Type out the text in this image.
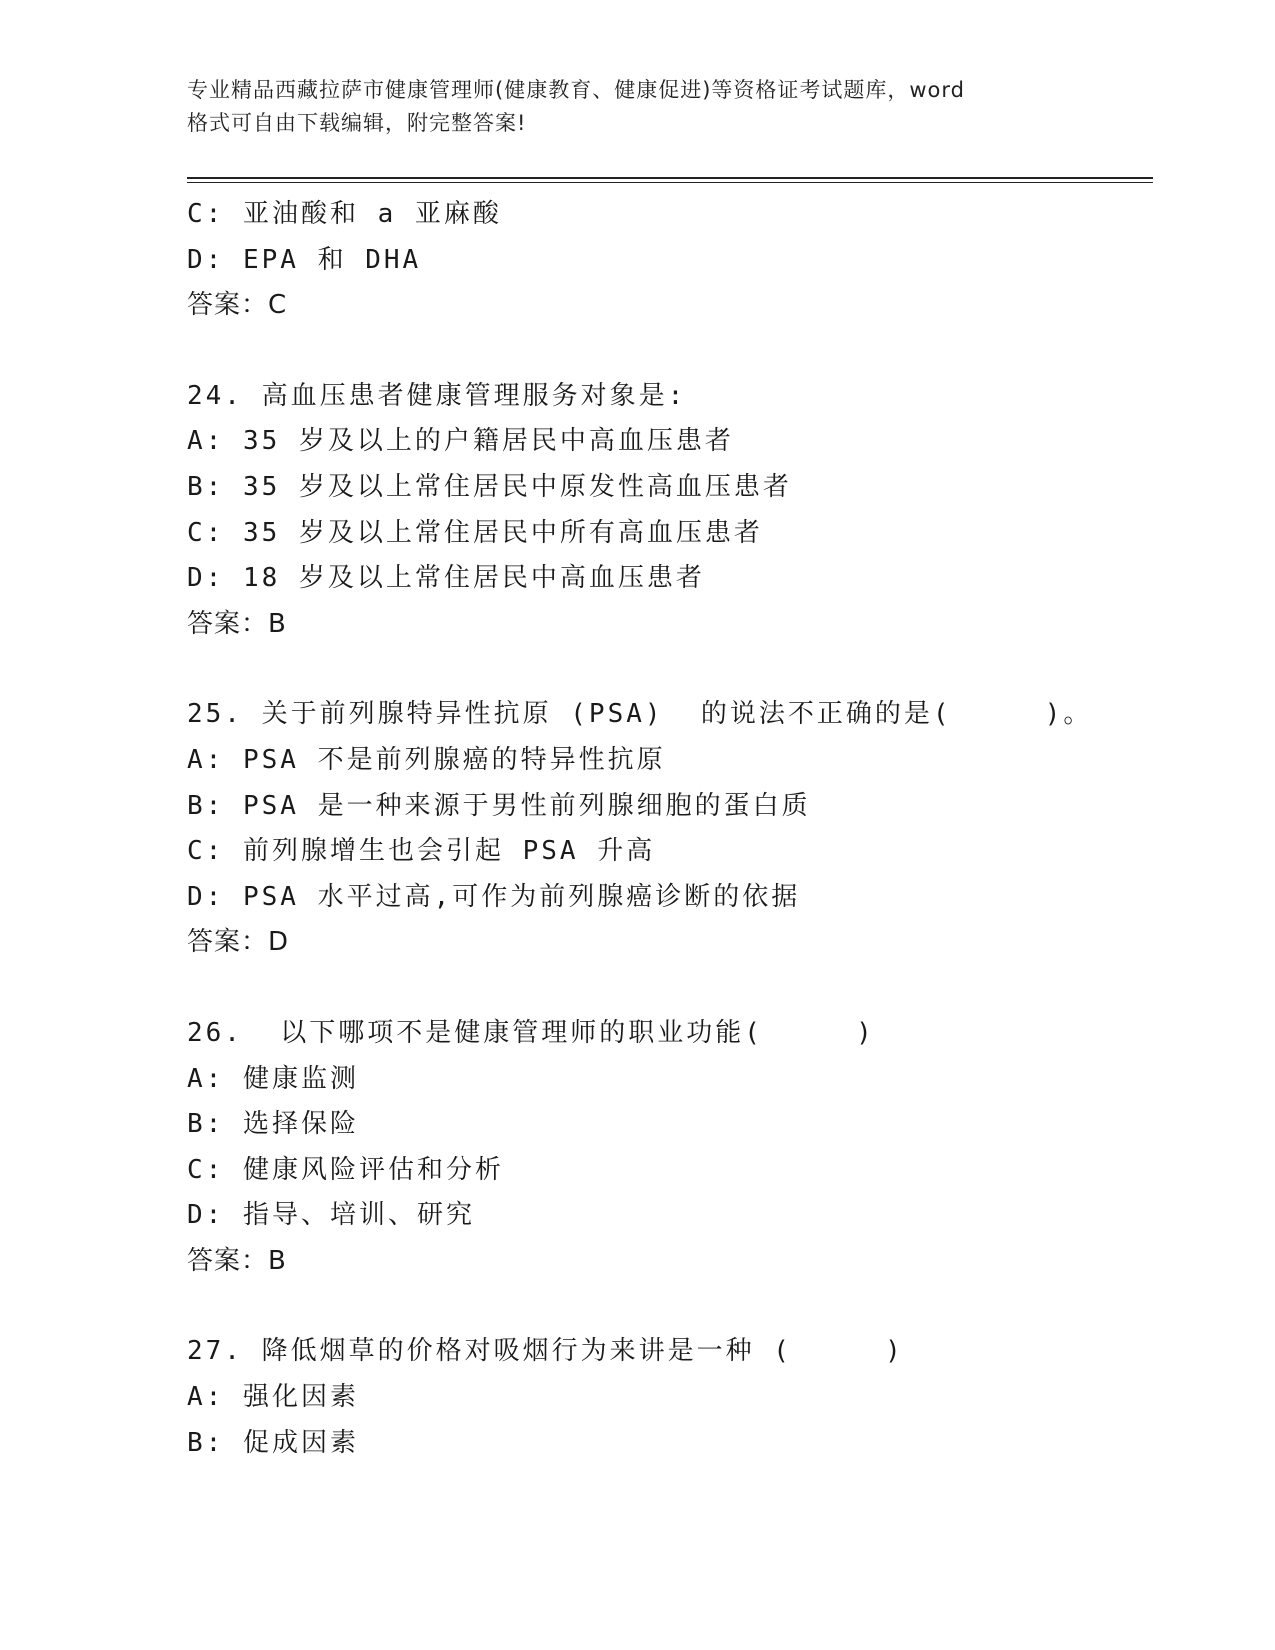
专业精品西藏拉萨市健康管理师(健康教育、健康促进)等资格证考试题库，word
格式可自由下载编辑，附完整答案!
C: 亚油酸和 a 亚麻酸
D: EPA 和 DHA
答案：C
24. 高血压患者健康管理服务对象是:
A: 35 岁及以上的户籍居民中高血压患者
B: 35 岁及以上常住居民中原发性高血压患者
C: 35 岁及以上常住居民中所有高血压患者
D: 18 岁及以上常住居民中高血压患者
答案：B
25. 关于前列腺特异性抗原 (PSA)  的说法不正确的是(     )。
A: PSA 不是前列腺癌的特异性抗原
B: PSA 是一种来源于男性前列腺细胞的蛋白质
C: 前列腺增生也会引起 PSA 升高
D: PSA 水平过高,可作为前列腺癌诊断的依据
答案：D
26.  以下哪项不是健康管理师的职业功能(     )
A: 健康监测
B: 选择保险
C: 健康风险评估和分析
D: 指导、培训、研究
答案：B
27. 降低烟草的价格对吸烟行为来讲是一种 (     )
A: 强化因素
B: 促成因素
